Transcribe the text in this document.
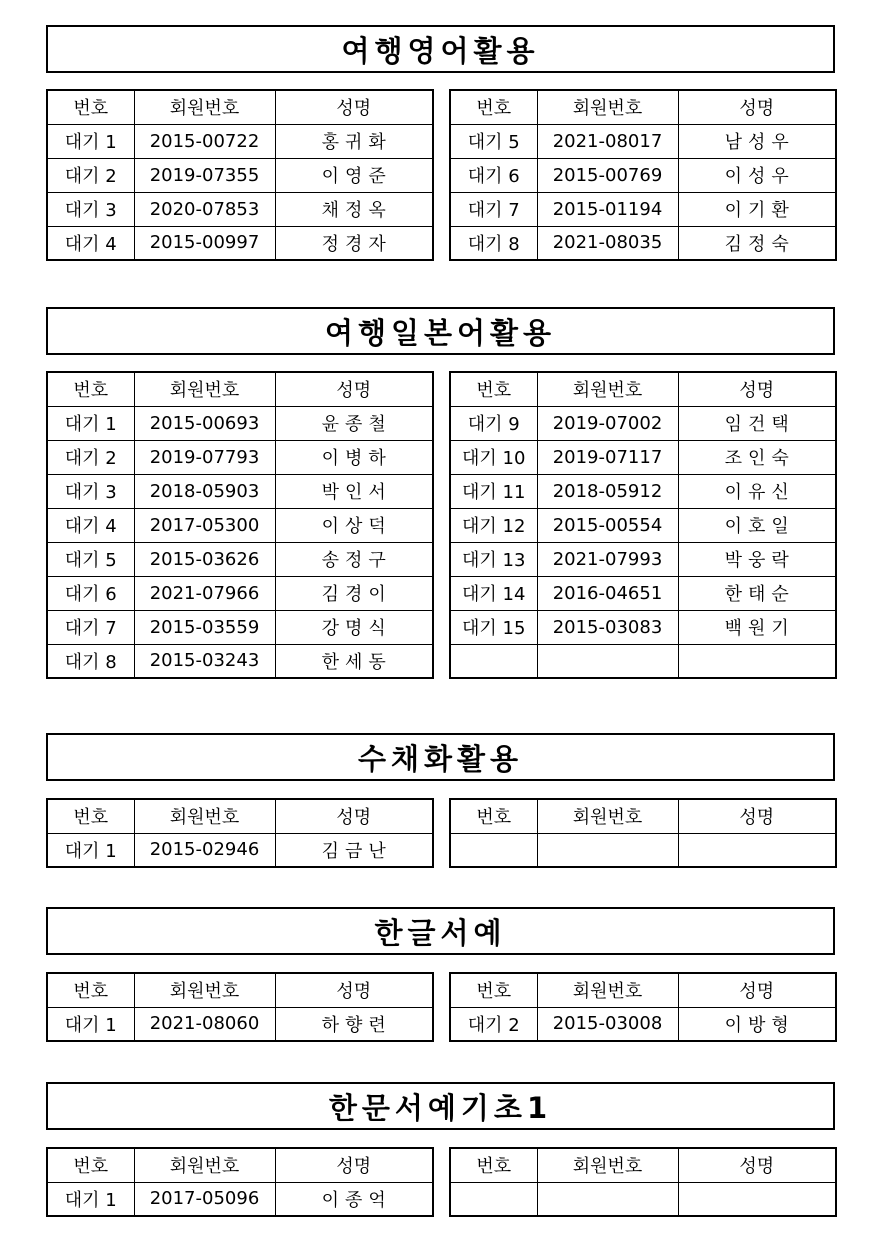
여행영어활용
번호	회원번호	성명
대기 1	2015-00722	홍귀화
대기 2	2019-07355	이영준
대기 3	2020-07853	채정옥
대기 4	2015-00997	정경자
번호	회원번호	성명
대기 5	2021-08017	남성우
대기 6	2015-00769	이성우
대기 7	2015-01194	이기환
대기 8	2021-08035	김정숙
여행일본어활용
번호	회원번호	성명
대기 1	2015-00693	윤종철
대기 2	2019-07793	이병하
대기 3	2018-05903	박인서
대기 4	2017-05300	이상덕
대기 5	2015-03626	송정구
대기 6	2021-07966	김경이
대기 7	2015-03559	강명식
대기 8	2015-03243	한세동
번호	회원번호	성명
대기 9	2019-07002	임건택
대기 10	2019-07117	조인숙
대기 11	2018-05912	이유신
대기 12	2015-00554	이호일
대기 13	2021-07993	박웅락
대기 14	2016-04651	한태순
대기 15	2015-03083	백원기

수채화활용
번호	회원번호	성명
대기 1	2015-02946	김금난
번호	회원번호	성명

한글서예
번호	회원번호	성명
대기 1	2021-08060	하향련
번호	회원번호	성명
대기 2	2015-03008	이방형
한문서예기초1
번호	회원번호	성명
대기 1	2017-05096	이종억
번호	회원번호	성명
